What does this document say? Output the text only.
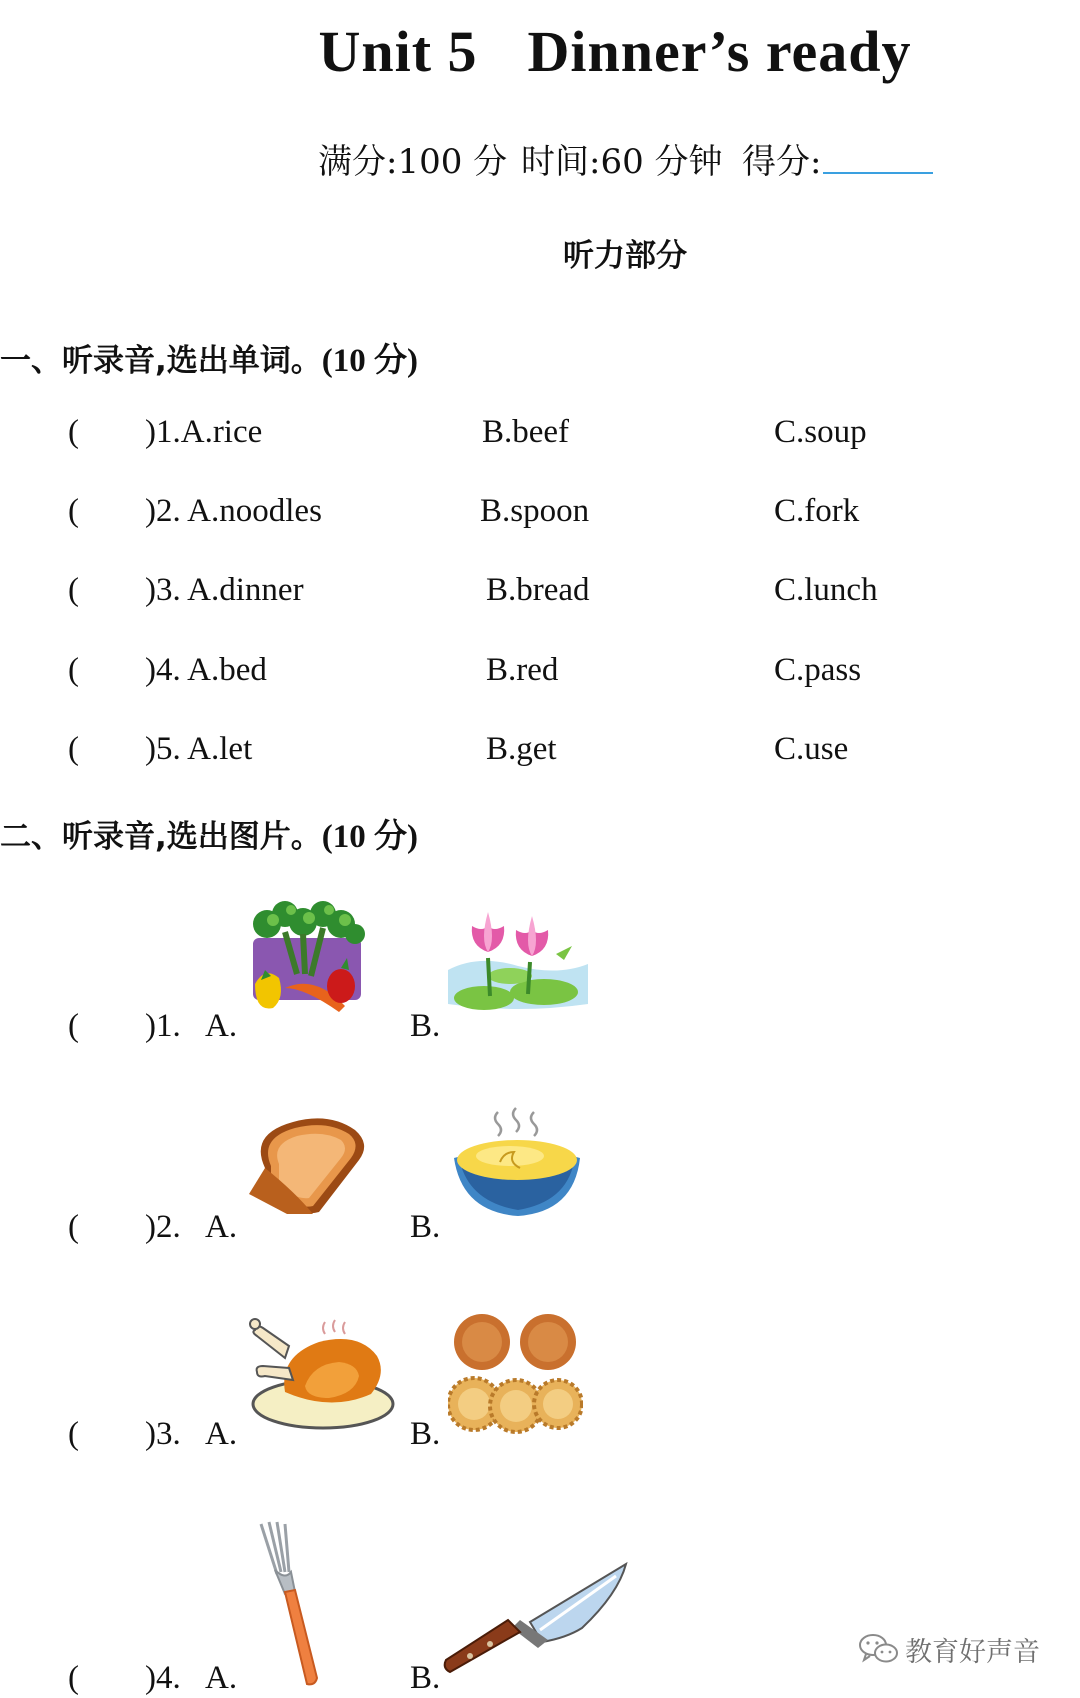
Unit 5 Dinner’s ready
满分:100 分 时间:60 分钟 得分:
听力部分
一、听录音,选出单词。(10 分)
( )1.A.rice	B.beef	C.soup
( )2. A.noodles	B.spoon	C.fork
( )3. A.dinner	B.bread	C.lunch
( )4. A.bed	B.red	C.pass
( )5. A.let	B.get	C.use
二、听录音,选出图片。(10 分)
( )1. A.	B.
( )2. A.	B.
( )3. A.	B.
( )4. A.	B.
教育好声音
